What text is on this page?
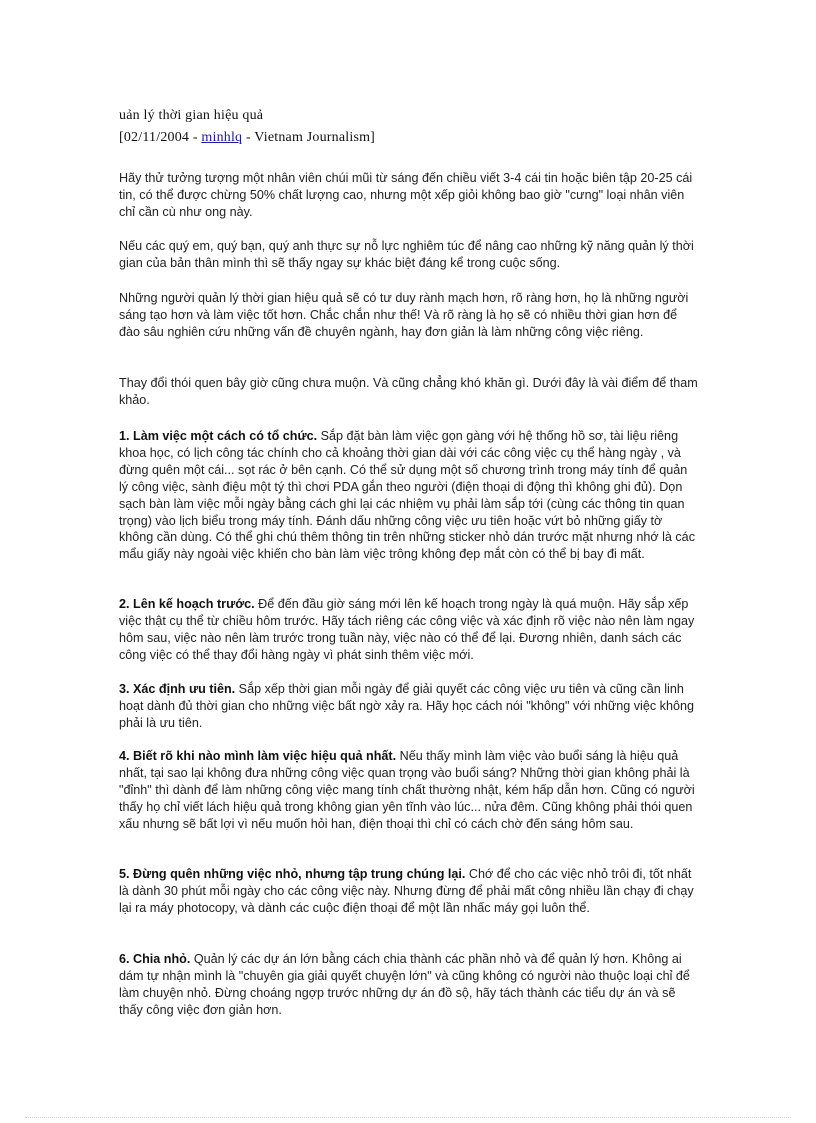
uản lý thời gian hiệu quả
[02/11/2004 - minhlq - Vietnam Journalism]
Hãy thử tưởng tượng một nhân viên chúi mũi từ sáng đến chiều viết 3-4 cái tin hoặc biên tập 20-25 cái tin, có thể được chừng 50% chất lượng cao, nhưng một xếp giỏi không bao giờ "cưng" loại nhân viên chỉ cần cù như ong này.
Nếu các quý em, quý bạn, quý anh thực sự nỗ lực nghiêm túc để nâng cao những kỹ năng quản lý thời gian của bản thân mình thì sẽ thấy ngay sự khác biệt đáng kể trong cuộc sống.
Những người quản lý thời gian hiệu quả sẽ có tư duy rành mạch hơn, rõ ràng hơn, họ là những người sáng tạo hơn và làm việc tốt hơn. Chắc chắn như thế! Và rõ ràng là họ sẽ có nhiều thời gian hơn để đào sâu nghiên cứu những vấn đề chuyên ngành, hay đơn giản là làm những công việc riêng.
Thay đổi thói quen bây giờ cũng chưa muộn. Và cũng chẳng khó khăn gì. Dưới đây là vài điểm để tham khảo.
1. Làm việc một cách có tổ chức. Sắp đặt bàn làm việc gọn gàng với hệ thống hồ sơ, tài liệu riêng khoa học, có lịch công tác chính cho cả khoảng thời gian dài với các công việc cụ thể hàng ngày , và đừng quên một cái... sọt rác ở bên cạnh. Có thể sử dụng một số chương trình trong máy tính để quản lý công việc, sành điệu một tý thì chơi PDA gắn theo người (điện thoại di động thì không ghi đủ). Dọn sạch bàn làm việc mỗi ngày bằng cách ghi lại các nhiệm vụ phải làm sắp tới (cùng các thông tin quan trọng) vào lịch biểu trong máy tính. Đánh dấu những công việc ưu tiên hoặc vứt bỏ những giấy tờ không cần dùng. Có thể ghi chú thêm thông tin trên những sticker nhỏ dán trước mặt nhưng nhớ là các mẩu giấy này ngoài việc khiến cho bàn làm việc trông không đẹp mắt còn có thể bị bay đi mất.
2. Lên kế hoạch trước. Để đến đầu giờ sáng mới lên kế hoạch trong ngày là quá muộn. Hãy sắp xếp việc thật cụ thể từ chiều hôm trước. Hãy tách riêng các công việc và xác định rõ việc nào nên làm ngay hôm sau, việc nào nên làm trước trong tuần này, việc nào có thể để lại. Đương nhiên, danh sách các công việc có thể thay đổi hàng ngày vì phát sinh thêm việc mới.
3. Xác định ưu tiên. Sắp xếp thời gian mỗi ngày để giải quyết các công việc ưu tiên và cũng cần linh hoạt dành đủ thời gian cho những việc bất ngờ xảy ra. Hãy học cách nói "không" với những việc không phải là ưu tiên.
4. Biết rõ khi nào mình làm việc hiệu quả nhất. Nếu thấy mình làm việc vào buổi sáng là hiệu quả nhất, tại sao lại không đưa những công việc quan trọng vào buổi sáng? Những thời gian không phải là "đỉnh" thì dành để làm những công việc mang tính chất thường nhật, kém hấp dẫn hơn. Cũng có người thấy họ chỉ viết lách hiệu quả trong không gian yên tĩnh vào lúc... nửa đêm. Cũng không phải thói quen xấu nhưng sẽ bất lợi vì nếu muốn hỏi han, điện thoại thì chỉ có cách chờ đến sáng hôm sau.
5. Đừng quên những việc nhỏ, nhưng tập trung chúng lại. Chớ để cho các việc nhỏ trôi đi, tốt nhất là dành 30 phút mỗi ngày cho các công việc này. Nhưng đừng để phải mất công nhiều lần chạy đi chạy lại ra máy photocopy, và dành các cuộc điện thoại để một lần nhấc máy gọi luôn thể.
6. Chia nhỏ. Quản lý các dự án lớn bằng cách chia thành các phần nhỏ và để quản lý hơn. Không ai dám tự nhận mình là "chuyên gia giải quyết chuyện lớn" và cũng không có người nào thuộc loại chỉ để làm chuyện nhỏ. Đừng choáng ngợp trước những dự án đồ sộ, hãy tách thành các tiểu dự án và sẽ thấy công việc đơn giản hơn.
